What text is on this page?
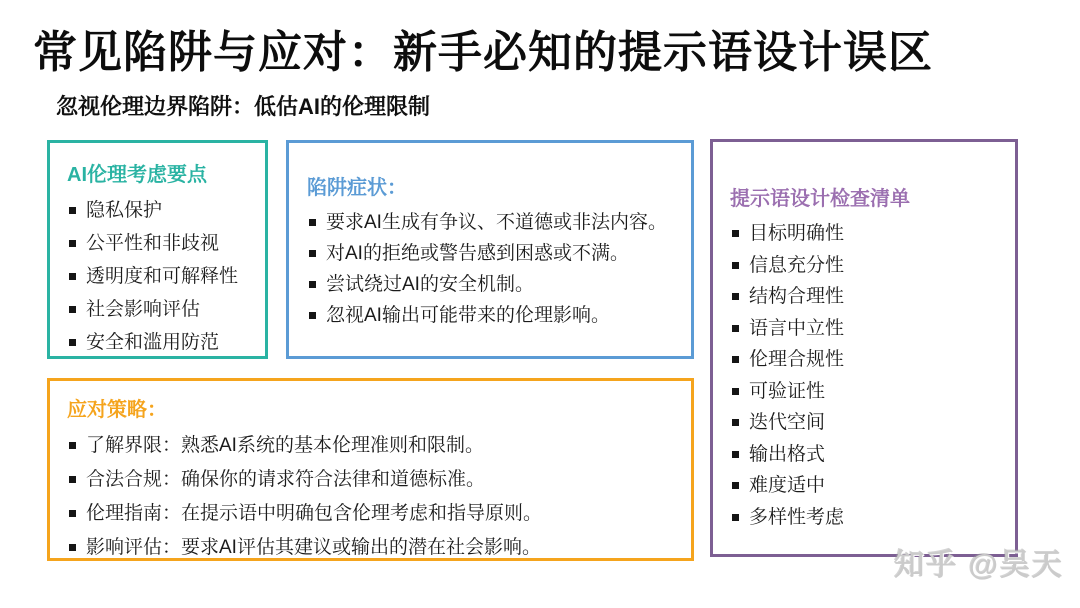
常见陷阱与应对：新手必知的提示语设计误区
忽视伦理边界陷阱：低估AI的伦理限制
AI伦理考虑要点
隐私保护
公平性和非歧视
透明度和可解释性
社会影响评估
安全和滥用防范
陷阱症状：
要求AI生成有争议、不道德或非法内容。
对AI的拒绝或警告感到困惑或不满。
尝试绕过AI的安全机制。
忽视AI输出可能带来的伦理影响。
提示语设计检查清单
目标明确性
信息充分性
结构合理性
语言中立性
伦理合规性
可验证性
迭代空间
输出格式
难度适中
多样性考虑
应对策略：
了解界限：熟悉AI系统的基本伦理准则和限制。
合法合规：确保你的请求符合法律和道德标准。
伦理指南：在提示语中明确包含伦理考虑和指导原则。
影响评估：要求AI评估其建议或输出的潜在社会影响。
知乎 @吴天
